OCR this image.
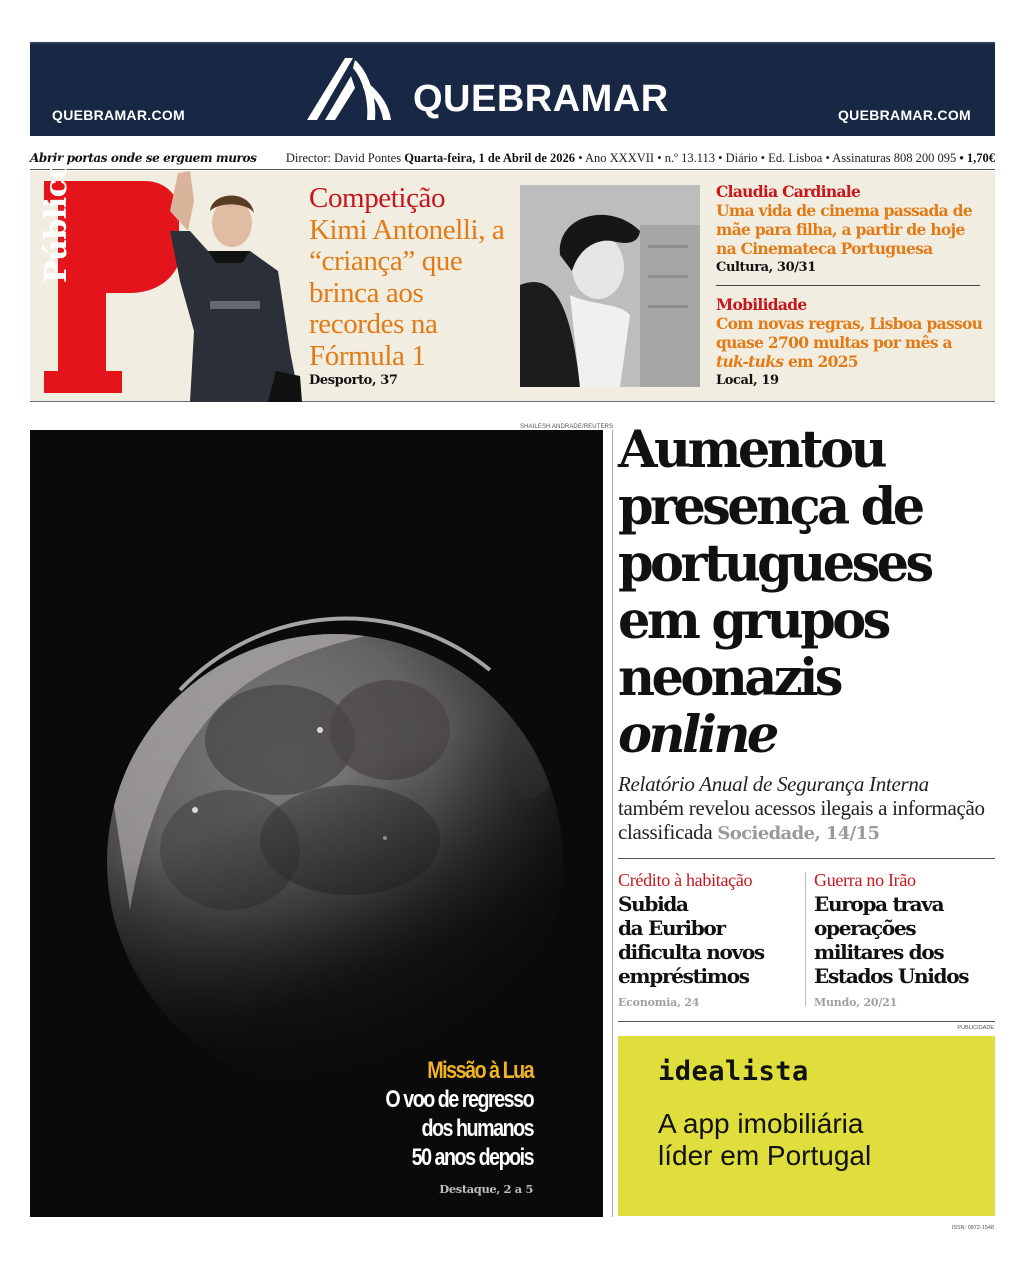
QUEBRAMAR
QUEBRAMAR.COM	QUEBRAMAR.COM
Abrir portas onde se erguem muros Director: David Pontes Quarta-feira, 1 de Abril de 2026 • Ano XXXVII • n.º 13.113 • Diário • Ed. Lisboa • Assinaturas 808 200 095 • 1,70€
Público	Competição
Kimi Antonelli, a “criança” que brinca aos recordes na Fórmula 1
Desporto, 37
Claudia Cardinale
Uma vida de cinema passada de mãe para filha, a partir de hoje na Cinemateca Portuguesa
Cultura, 30/31
Mobilidade
Com novas regras, Lisboa passou quase 2700 multas por mês a tuk-tuks em 2025
Local, 19
SHAILESH ANDRADE/REUTERS
Missão à Lua
O voo de regresso
dos humanos
50 anos depois
Destaque, 2 a 5
Aumentou
presença de
portugueses
em grupos
neonazis
online
Relatório Anual de Segurança Interna
também revelou acessos ilegais a informação classificada Sociedade, 14/15
Crédito à habitação
Subida
da Euribor
dificulta novos
empréstimos
Economia, 24
Guerra no Irão
Europa trava
operações
militares dos
Estados Unidos
Mundo, 20/21
PUBLICIDADE
idealista
A app imobiliária
líder em Portugal
ISSN: 0872-1548
